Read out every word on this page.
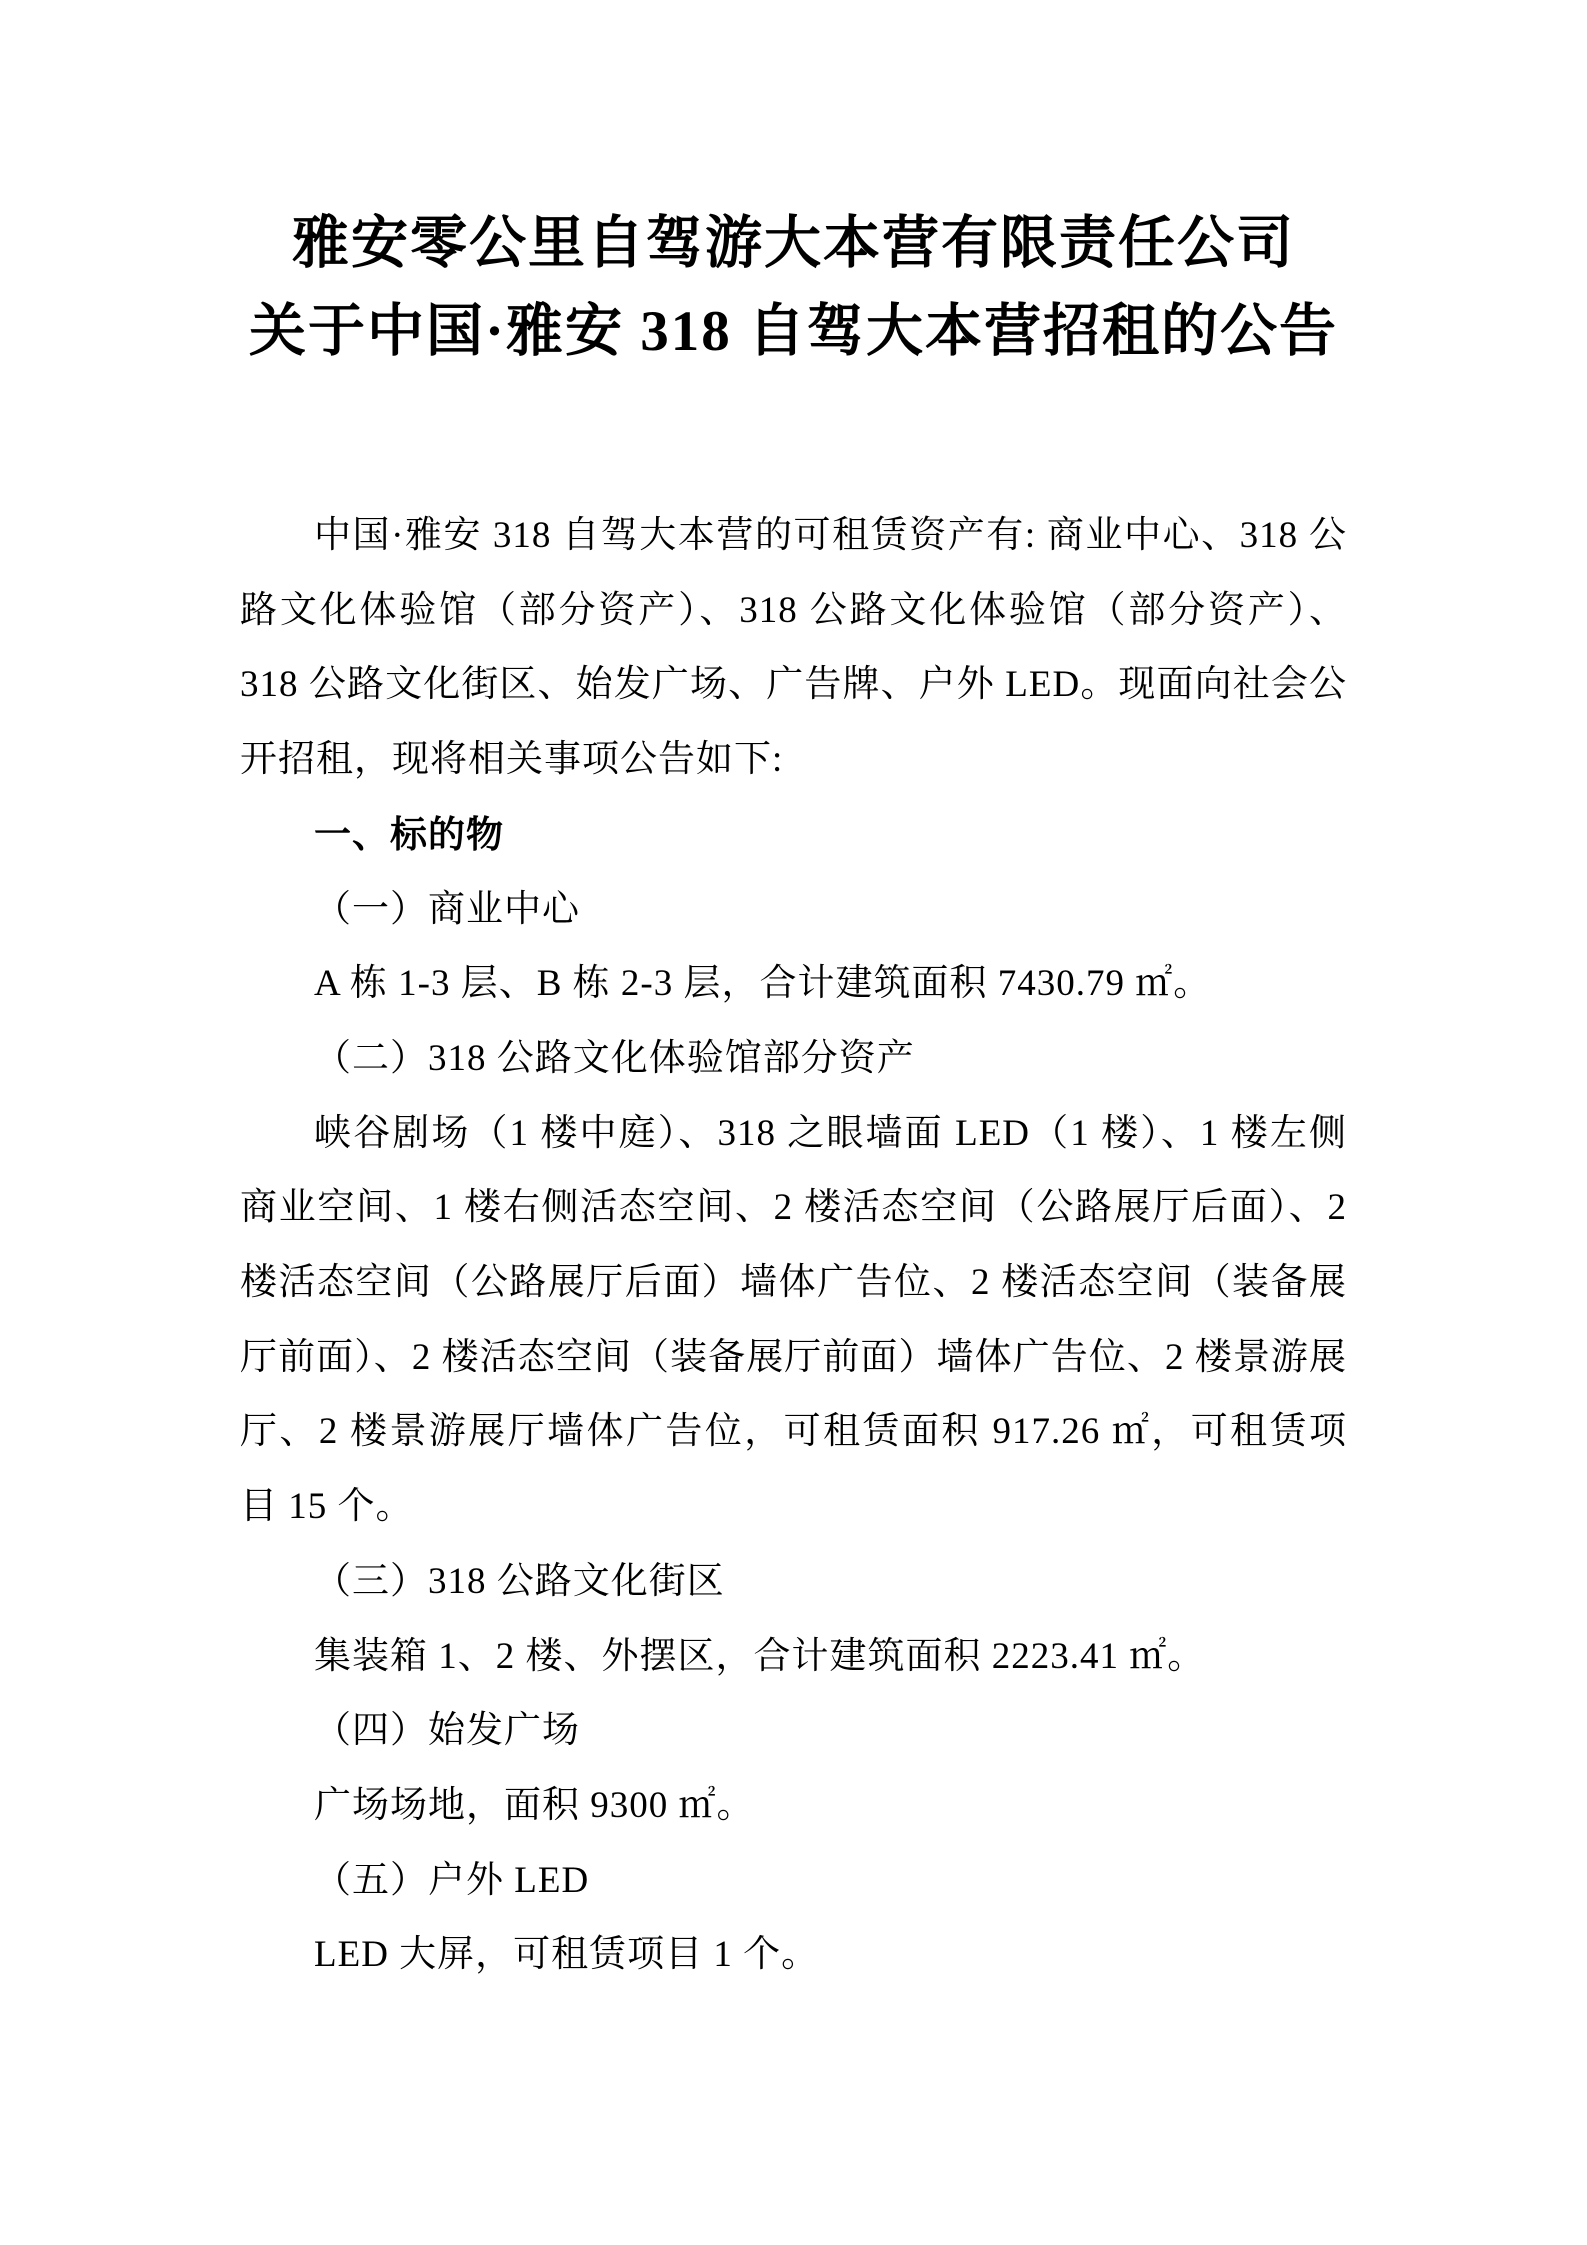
雅安零公里自驾游大本营有限责任公司
关于中国·雅安 318 自驾大本营招租的公告

中国·雅安 318 自驾大本营的可租赁资产有: 商业中心、318 公路文化体验馆（部分资产）、318 公路文化体验馆（部分资产）、318 公路文化街区、始发广场、广告牌、户外 LED。现面向社会公开招租，现将相关事项公告如下:

一、标的物

（一）商业中心

A 栋 1-3 层、B 栋 2-3 层，合计建筑面积 7430.79 ㎡。

（二）318 公路文化体验馆部分资产

峡谷剧场（1 楼中庭）、318 之眼墙面 LED（1 楼）、1 楼左侧商业空间、1 楼右侧活态空间、2 楼活态空间（公路展厅后面）、2 楼活态空间（公路展厅后面）墙体广告位、2 楼活态空间（装备展厅前面）、2 楼活态空间（装备展厅前面）墙体广告位、2 楼景游展厅、2 楼景游展厅墙体广告位，可租赁面积 917.26 ㎡，可租赁项目 15 个。

（三）318 公路文化街区

集装箱 1、2 楼、外摆区，合计建筑面积 2223.41 ㎡。

（四）始发广场

广场场地，面积 9300 ㎡。

（五）户外 LED

LED 大屏，可租赁项目 1 个。
